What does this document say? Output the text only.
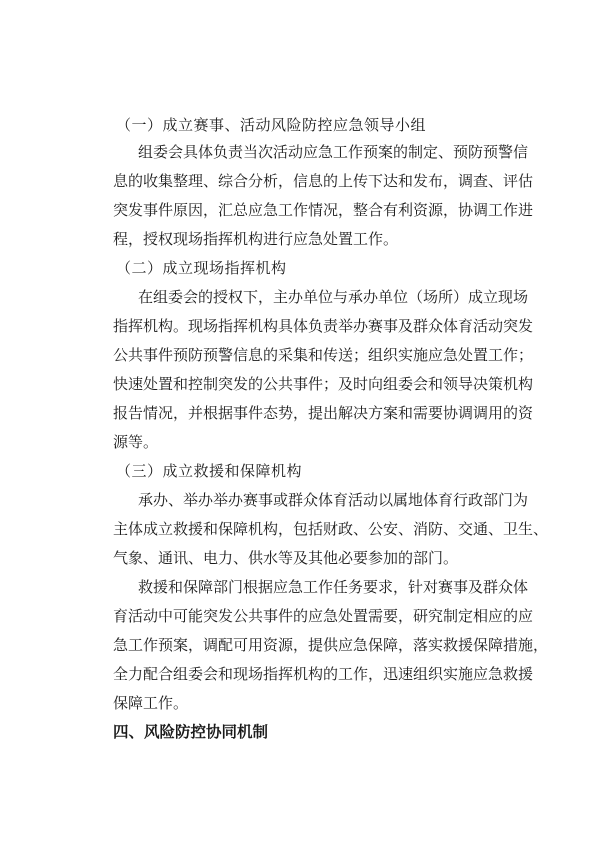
（一）成立赛事、活动风险防控应急领导小组
组委会具体负责当次活动应急工作预案的制定、预防预警信
息的收集整理、综合分析，信息的上传下达和发布，调查、评估
突发事件原因，汇总应急工作情况，整合有利资源，协调工作进
程，授权现场指挥机构进行应急处置工作。
（二）成立现场指挥机构
在组委会的授权下，主办单位与承办单位（场所）成立现场
指挥机构。现场指挥机构具体负责举办赛事及群众体育活动突发
公共事件预防预警信息的采集和传送；组织实施应急处置工作；
快速处置和控制突发的公共事件；及时向组委会和领导决策机构
报告情况，并根据事件态势，提出解决方案和需要协调调用的资
源等。
（三）成立救援和保障机构
承办、举办举办赛事或群众体育活动以属地体育行政部门为
主体成立救援和保障机构，包括财政、公安、消防、交通、卫生、
气象、通讯、电力、供水等及其他必要参加的部门。
救援和保障部门根据应急工作任务要求，针对赛事及群众体
育活动中可能突发公共事件的应急处置需要，研究制定相应的应
急工作预案，调配可用资源，提供应急保障，落实救援保障措施，
全力配合组委会和现场指挥机构的工作，迅速组织实施应急救援
保障工作。
四、风险防控协同机制
